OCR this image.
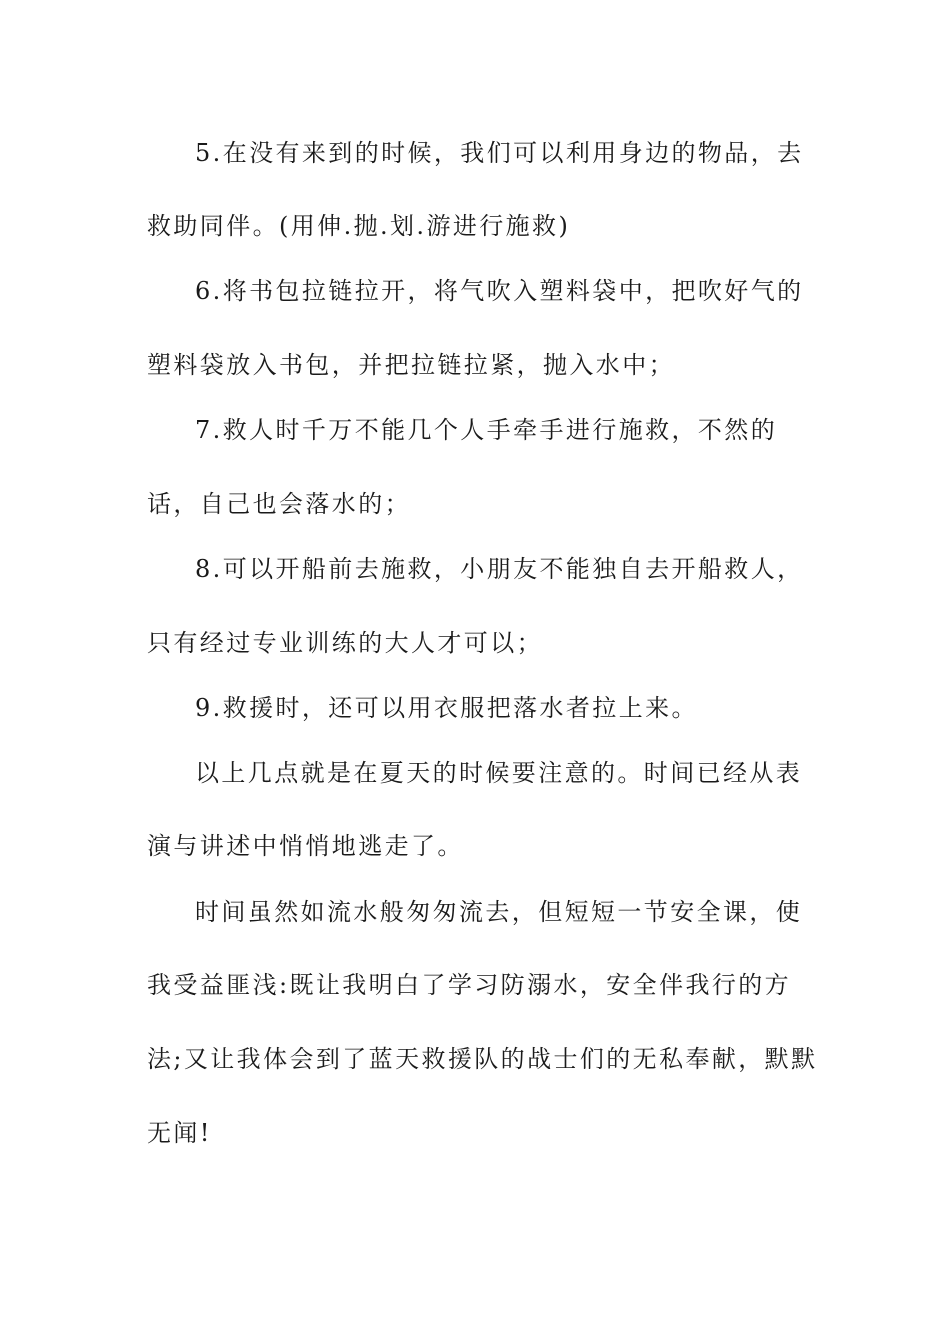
5.在没有来到的时候，我们可以利用身边的物品，去
救助同伴。(用伸.抛.划.游进行施救)
6.将书包拉链拉开，将气吹入塑料袋中，把吹好气的
塑料袋放入书包，并把拉链拉紧，抛入水中；
7.救人时千万不能几个人手牵手进行施救，不然的
话，自己也会落水的；
8.可以开船前去施救，小朋友不能独自去开船救人，
只有经过专业训练的大人才可以；
9.救援时，还可以用衣服把落水者拉上来。
以上几点就是在夏天的时候要注意的。时间已经从表
演与讲述中悄悄地逃走了。
时间虽然如流水般匆匆流去，但短短一节安全课，使
我受益匪浅:既让我明白了学习防溺水，安全伴我行的方
法;又让我体会到了蓝天救援队的战士们的无私奉献，默默
无闻!
